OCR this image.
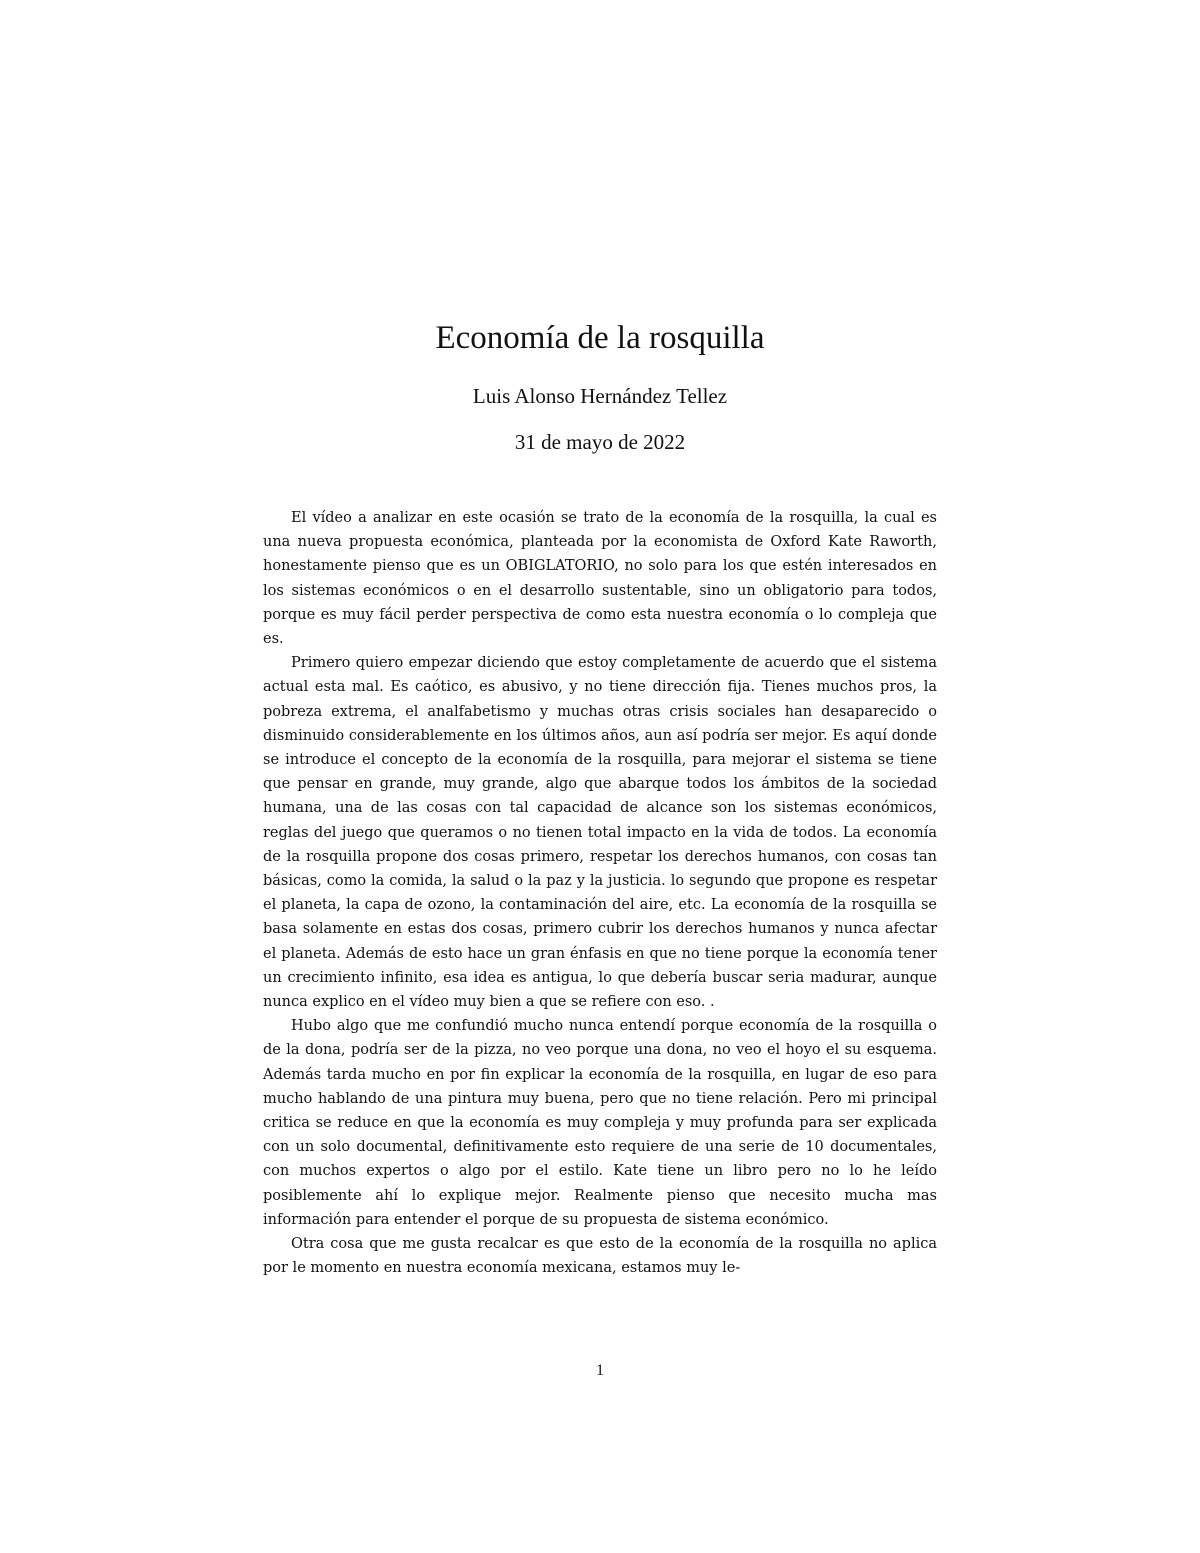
Economía de la rosquilla
Luis Alonso Hernández Tellez
31 de mayo de 2022

El vídeo a analizar en este ocasión se trato de la economía de la rosquilla, la cual es una nueva propuesta económica, planteada por la economista de Oxford Kate Raworth, honestamente pienso que es un OBIGLATORIO, no solo para los que estén interesados en los sistemas económicos o en el desarrollo sustentable, sino un obligatorio para todos, porque es muy fácil perder perspectiva de como esta nuestra economía o lo compleja que es.

Primero quiero empezar diciendo que estoy completamente de acuerdo que el sistema actual esta mal. Es caótico, es abusivo, y no tiene dirección fija. Tienes muchos pros, la pobreza extrema, el analfabetismo y muchas otras crisis sociales han desaparecido o disminuido considerablemente en los últimos años, aun así podría ser mejor. Es aquí donde se introduce el concepto de la economía de la rosquilla, para mejorar el sistema se tiene que pensar en grande, muy grande, algo que abarque todos los ámbitos de la sociedad humana, una de las cosas con tal capacidad de alcance son los sistemas económicos, reglas del juego que queramos o no tienen total impacto en la vida de todos. La economía de la rosquilla propone dos cosas primero, respetar los derechos humanos, con cosas tan básicas, como la comida, la salud o la paz y la justicia. lo segundo que propone es respetar el planeta, la capa de ozono, la contaminación del aire, etc. La economía de la rosquilla se basa solamente en estas dos cosas, primero cubrir los derechos humanos y nunca afectar el planeta. Además de esto hace un gran énfasis en que no tiene porque la economía tener un crecimiento infinito, esa idea es antigua, lo que debería buscar seria madurar, aunque nunca explico en el vídeo muy bien a que se refiere con eso. .

Hubo algo que me confundió mucho nunca entendí porque economía de la rosquilla o de la dona, podría ser de la pizza, no veo porque una dona, no veo el hoyo el su esquema. Además tarda mucho en por fin explicar la economía de la rosquilla, en lugar de eso para mucho hablando de una pintura muy buena, pero que no tiene relación. Pero mi principal critica se reduce en que la economía es muy compleja y muy profunda para ser explicada con un solo documental, definitivamente esto requiere de una serie de 10 documentales, con muchos expertos o algo por el estilo. Kate tiene un libro pero no lo he leído posiblemente ahí lo explique mejor. Realmente pienso que necesito mucha mas información para entender el porque de su propuesta de sistema económico.

Otra cosa que me gusta recalcar es que esto de la economía de la rosquilla no aplica por le momento en nuestra economía mexicana, estamos muy le-

1
